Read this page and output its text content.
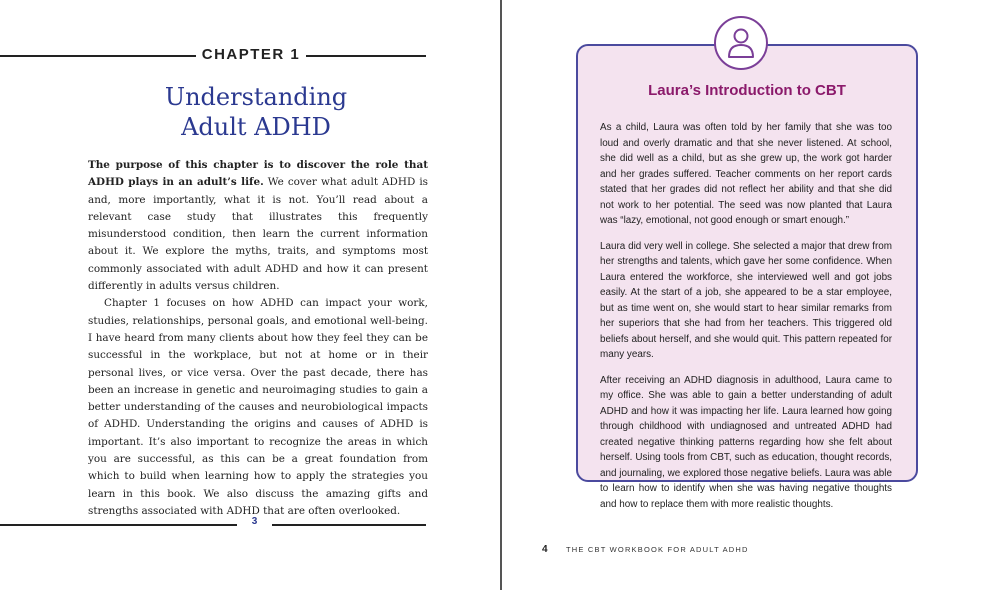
CHAPTER 1
Understanding
Adult ADHD

The purpose of this chapter is to discover the role that ADHD plays in an adult’s life. We cover what adult ADHD is and, more importantly, what it is not. You’ll read about a relevant case study that illustrates this frequently misunderstood condition, then learn the current information about it. We explore the myths, traits, and symptoms most commonly associated with adult ADHD and how it can present differently in adults versus children.

Chapter 1 focuses on how ADHD can impact your work, studies, relationships, personal goals, and emotional well-being. I have heard from many clients about how they feel they can be successful in the workplace, but not at home or in their personal lives, or vice versa. Over the past decade, there has been an increase in genetic and neuroimaging studies to gain a better understanding of the causes and neurobiological impacts of ADHD. Understanding the origins and causes of ADHD is important. It’s also important to recognize the areas in which you are successful, as this can be a great foundation from which to build when learning how to apply the strategies you learn in this book. We also discuss the amazing gifts and strengths associated with ADHD that are often overlooked.

3
Laura’s Introduction to CBT

As a child, Laura was often told by her family that she was too loud and overly dramatic and that she never listened. At school, she did well as a child, but as she grew up, the work got harder and her grades suffered. Teacher comments on her report cards stated that her grades did not reflect her ability and that she did not work to her potential. The seed was now planted that Laura was “lazy, emotional, not good enough or smart enough.”

Laura did very well in college. She selected a major that drew from her strengths and talents, which gave her some confidence. When Laura entered the workforce, she interviewed well and got jobs easily. At the start of a job, she appeared to be a star employee, but as time went on, she would start to hear similar remarks from her superiors that she had from her teachers. This triggered old beliefs about herself, and she would quit. This pattern repeated for many years.

After receiving an ADHD diagnosis in adulthood, Laura came to my office. She was able to gain a better understanding of adult ADHD and how it was impacting her life. Laura learned how going through childhood with undiagnosed and untreated ADHD had created negative thinking patterns regarding how she felt about herself. Using tools from CBT, such as education, thought records, and journaling, we explored those negative beliefs. Laura was able to learn how to identify when she was having negative thoughts and how to replace them with more realistic thoughts.

4 THE CBT WORKBOOK FOR ADULT ADHD
